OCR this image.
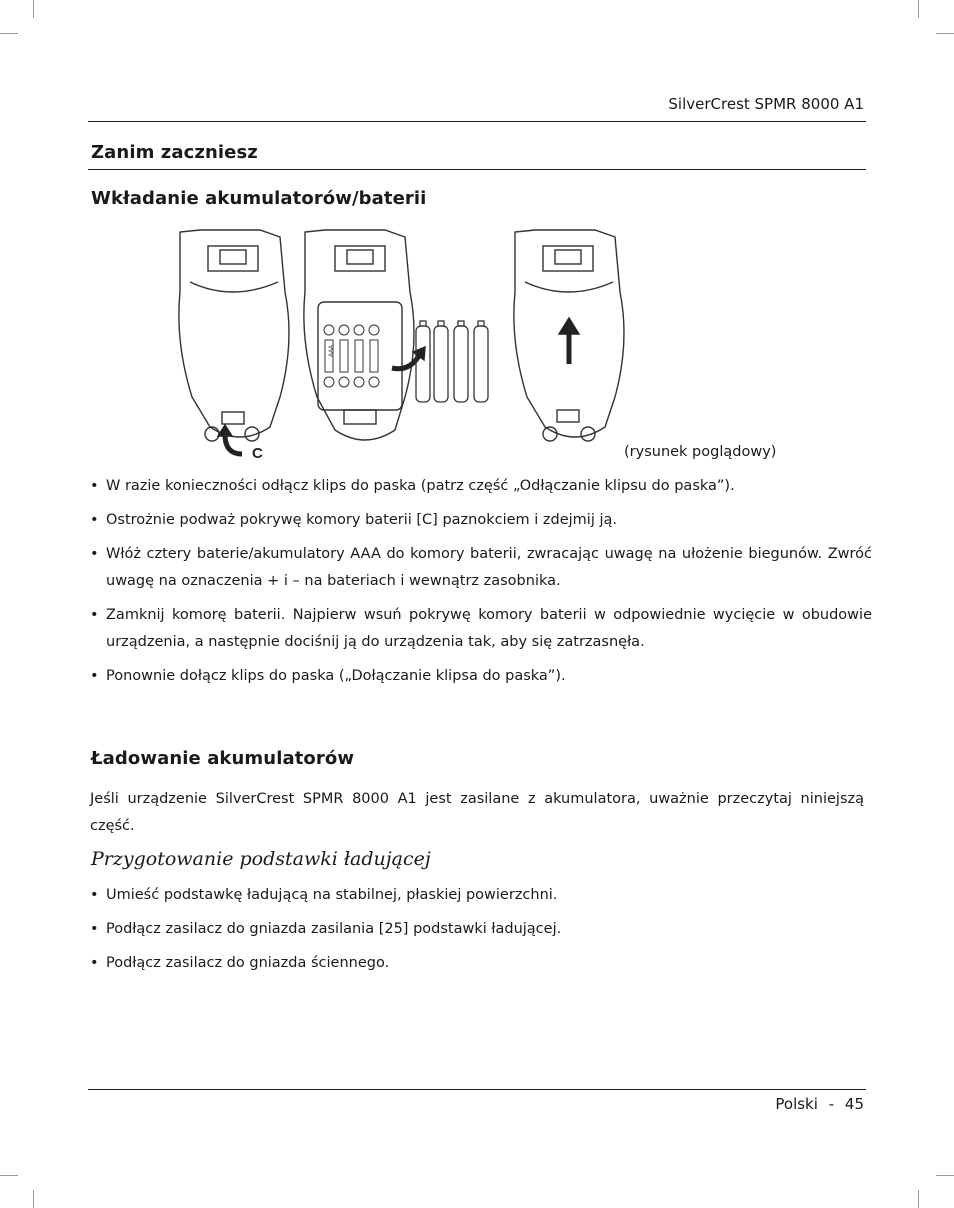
SilverCrest SPMR 8000 A1
Zanim zaczniesz
Wkładanie akumulatorów/baterii
C
AAA
(rysunek poglądowy)
• W razie konieczności odłącz klips do paska (patrz część „Odłączanie klipsu do paska”).
• Ostrożnie podważ pokrywę komory baterii [C] paznokciem i zdejmij ją.
• Włóż cztery baterie/akumulatory AAA do komory baterii, zwracając uwagę na ułożenie biegunów. Zwróć uwagę na oznaczenia + i – na bateriach i wewnątrz zasobnika.
• Zamknij komorę baterii. Najpierw wsuń pokrywę komory baterii w odpowiednie wycięcie w obudowie urządzenia, a następnie dociśnij ją do urządzenia tak, aby się zatrzasnęła.
• Ponownie dołącz klips do paska („Dołączanie klipsa do paska”).
Ładowanie akumulatorów
Jeśli urządzenie SilverCrest SPMR 8000 A1 jest zasilane z akumulatora, uważnie przeczytaj niniejszą część.
Przygotowanie podstawki ładującej
• Umieść podstawkę ładującą na stabilnej, płaskiej powierzchni.
• Podłącz zasilacz do gniazda zasilania [25] podstawki ładującej.
• Podłącz zasilacz do gniazda ściennego.
Polski - 45
